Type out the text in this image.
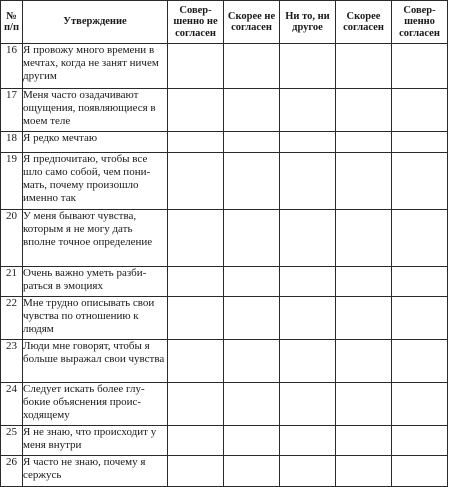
№ п/п	Утверждение	Совершенно не согласен	Скорее не согласен	Ни то, ни другое	Скорее согласен	Совершенно согласен
16	Я провожу много времени в мечтах, когда не занят ничем другим					
17	Меня часто озадачивают ощущения, появляющиеся в моем теле					
18	Я редко мечтаю					
19	Я предпочитаю, чтобы все шло само собой, чем понимать, почему произошло именно так					
20	У меня бывают чувства, которым я не могу дать вполне точное определение					
21	Очень важно уметь разбираться в эмоциях					
22	Мне трудно описывать свои чувства по отношению к людям					
23	Люди мне говорят, чтобы я больше выражал свои чувства					
24	Следует искать более глубокие объяснения происходящему					
25	Я не знаю, что происходит у меня внутри					
26	Я часто не знаю, почему я сержусь					
